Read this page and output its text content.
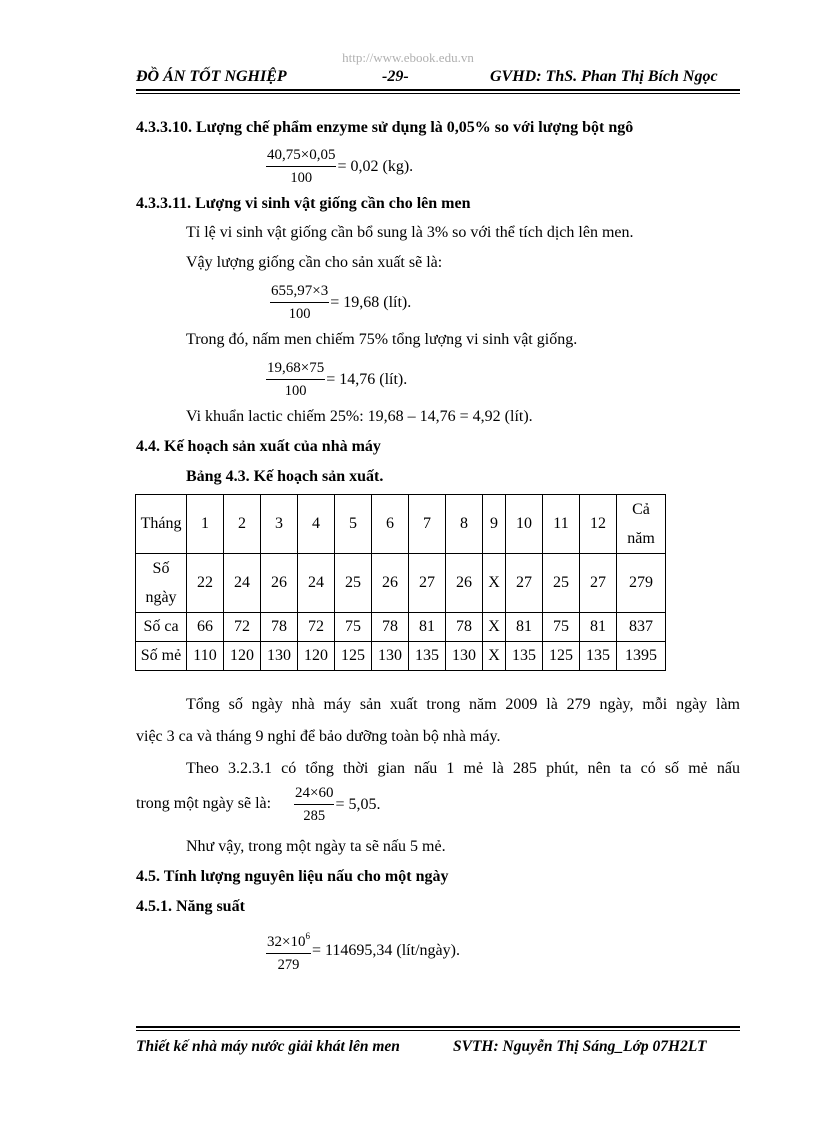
http://www.ebook.edu.vn
ĐỒ ÁN TỐT NGHIỆP	-29-	GVHD: ThS. Phan Thị Bích Ngọc
4.3.3.10. Lượng chế phẩm enzyme sử dụng là 0,05% so với lượng bột ngô
$\frac{40,75\times 0,05}{100} = 0,02$ (kg).
4.3.3.11. Lượng vi sinh vật giống cần cho lên men
Tỉ lệ vi sinh vật giống cần bổ sung là 3% so với thể tích dịch lên men.
Vậy lượng giống cần cho sản xuất sẽ là:
$\frac{655,97\times 3}{100} = 19,68$ (lít).
Trong đó, nấm men chiếm 75% tổng lượng vi sinh vật giống.
$\frac{19,68\times 75}{100} = 14,76$ (lít).
Vi khuẩn lactic chiếm 25%: 19,68 – 14,76 = 4,92 (lít).
4.4. Kế hoạch sản xuất của nhà máy
Bảng 4.3. Kế hoạch sản xuất.
Tháng	1	2	3	4	5	6	7	8	9	10	11	12	Cả
năm

Số
ngày	22	24	26	24	25	26	27	26	X	27	25	27	279
Số ca	66	72	78	72	75	78	81	78	X	81	75	81	837
Số mẻ	110	120	130	120	125	130	135	130	X	135	125	135	1395
Tổng số ngày nhà máy sản xuất trong năm 2009 là 279 ngày, mỗi ngày làm
việc 3 ca và tháng 9 nghỉ để bảo dưỡng toàn bộ nhà máy.
Theo 3.2.3.1 có tổng thời gian nấu 1 mẻ là 285 phút, nên ta có số mẻ nấu
trong một ngày sẽ là: $\frac{24\times 60}{285} = 5,05$.
Như vậy, trong một ngày ta sẽ nấu 5 mẻ.
4.5. Tính lượng nguyên liệu nấu cho một ngày
4.5.1. Năng suất
$\frac{32\times 10^6}{279} = 114695,34$ (lít/ngày).
Thiết kế nhà máy nước giải khát lên men	SVTH: Nguyễn Thị Sáng_Lớp 07H2LT
